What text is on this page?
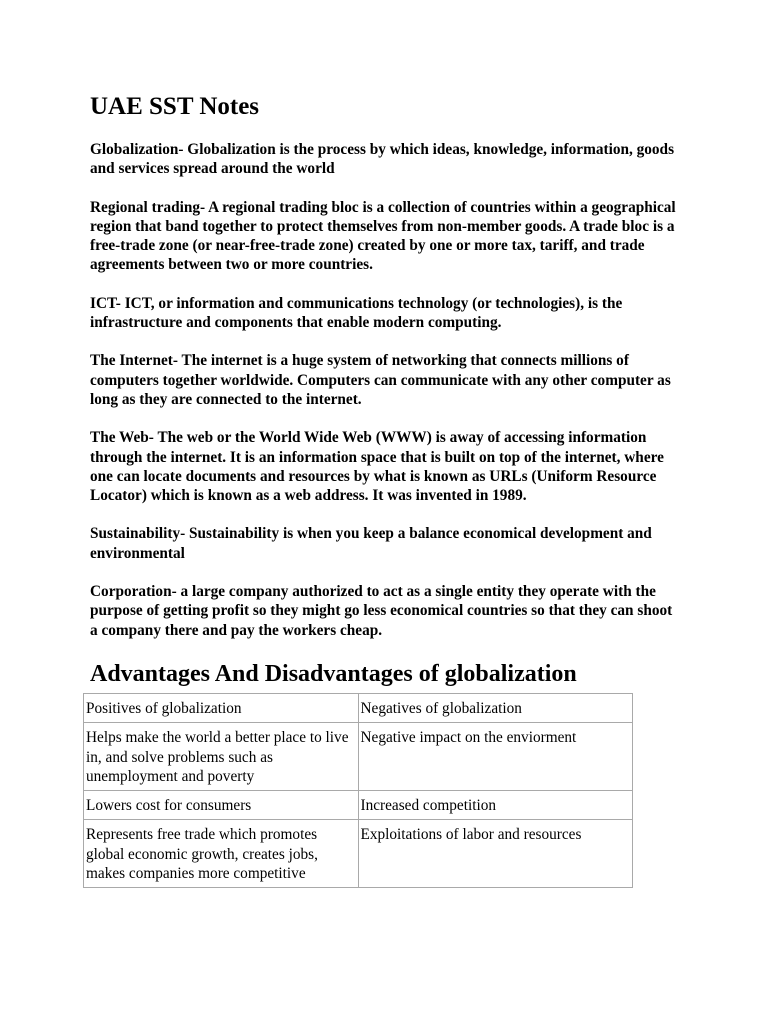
UAE SST Notes

Globalization- Globalization is the process by which ideas, knowledge, information, goods and services spread around the world

Regional trading- A regional trading bloc is a collection of countries within a geographical region that band together to protect themselves from non-member goods. A trade bloc is a free-trade zone (or near-free-trade zone) created by one or more tax, tariff, and trade agreements between two or more countries.

ICT- ICT, or information and communications technology (or technologies), is the infrastructure and components that enable modern computing.

The Internet- The internet is a huge system of networking that connects millions of computers together worldwide. Computers can communicate with any other computer as long as they are connected to the internet.

The Web- The web or the World Wide Web (WWW) is away of accessing information through the internet. It is an information space that is built on top of the internet, where one can locate documents and resources by what is known as URLs (Uniform Resource Locator) which is known as a web address. It was invented in 1989.

Sustainability- Sustainability is when you keep a balance economical development and environmental

Corporation- a large company authorized to act as a single entity they operate with the purpose of getting profit so they might go less economical countries so that they can shoot a company there and pay the workers cheap.

Advantages And Disadvantages of globalization
Positives of globalization	Negatives of globalization
Helps make the world a better place to live in, and solve problems such as unemployment and poverty	Negative impact on the enviorment
Lowers cost for consumers	Increased competition
Represents free trade which promotes global economic growth, creates jobs, makes companies more competitive	Exploitations of labor and resources
